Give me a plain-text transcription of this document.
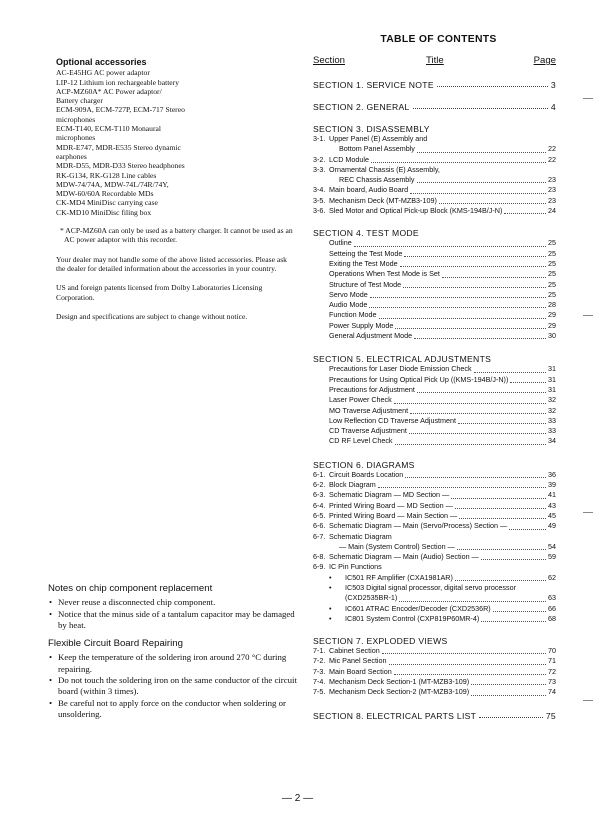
Optional accessories
AC-E45HG AC power adaptor
LIP-12 Lithium ion rechargeable battery
ACP-MZ60A* AC Power adaptor/
Battery charger
ECM-909A, ECM-727P, ECM-717 Stereo
microphones
ECM-T140, ECM-T110 Monaural
microphones
MDR-E747, MDR-E535 Stereo dynamic
earphones
MDR-D55, MDR-D33 Stereo headphones
RK-G134, RK-G128 Line cables
MDW-74/74A, MDW-74L/74R/74Y,
MDW-60/60A Recordable MDs
CK-MD4 MiniDisc carrying case
CK-MD10 MiniDisc filing box
* ACP-MZ60A can only be used as a battery charger. It cannot be used as an AC power adaptor with this recorder.
Your dealer may not handle some of the above listed accessories. Please ask the dealer for detailed information about the accessories in your country.
US and foreign patents licensed from Dolby Laboratories Licensing Corporation.
Design and specifications are subject to change without notice.
Notes on chip component replacement
• Never reuse a disconnected chip component.
• Notice that the minus side of a tantalum capacitor may be damaged by heat.
Flexible Circuit Board Repairing
• Keep the temperature of the soldering iron around 270 °C during repairing.
• Do not touch the soldering iron on the same conductor of the circuit board (within 3 times).
• Be careful not to apply force on the conductor when soldering or unsoldering.
TABLE OF CONTENTS
Section	Title	Page
SECTION 1. SERVICE NOTE	3
SECTION 2. GENERAL	4
SECTION 3. DISASSEMBLY
3-1. Upper Panel (E) Assembly and
Bottom Panel Assembly	22
3-2. LCD Module	22
3-3. Ornamental Chassis (E) Assembly,
REC Chassis Assembly	23
3-4. Main board, Audio Board	23
3-5. Mechanism Deck (MT-MZB3-109)	23
3-6. Sled Motor and Optical Pick-up Block (KMS-194B/J-N)	24
SECTION 4. TEST MODE
Outline	25
Setteing the Test Mode	25
Exiting the Test Mode	25
Operations When Test Mode is Set	25
Structure of Test Mode	25
Servo Mode	25
Audio Mode	28
Function Mode	29
Power Supply Mode	29
General Adjustment Mode	30
SECTION 5. ELECTRICAL ADJUSTMENTS
Precautions for Laser Diode Emission Check	31
Precautions for Using Optical Pick Up ((KMS-194B/J-N))	31
Precautions for Adjustment	31
Laser Power Check	32
MO Traverse Adjustment	32
Low Reflection CD Traverse Adjustment	33
CD Traverse Adjustment	33
CD RF Level Check	34
SECTION 6. DIAGRAMS
6-1. Circuit Boards Location	36
6-2. Block Diagram	39
6-3. Schematic Diagram — MD Section —	41
6-4. Printed Wiring Board — MD Section —	43
6-5. Printed Wiring Board — Main Section —	45
6-6. Schematic Diagram — Main (Servo/Process) Section —	49
6-7. Schematic Diagram
— Main (System Control) Section —	54
6-8. Schematic Diagram — Main (Audio) Section —	59
6-9. IC Pin Functions
•	IC501 RF Amplifier (CXA1981AR)	62
•	IC503 Digital signal processor, digital servo processor
(CXD2535BR-1)	63
•	IC601 ATRAC Encoder/Decoder (CXD2536R)	66
•	IC801 System Control (CXP819P60MR-4)	68
SECTION 7. EXPLODED VIEWS
7-1. Cabinet Section	70
7-2. Mic Panel Section	71
7-3. Main Board Section	72
7-4. Mechanism Deck Section-1 (MT-MZB3-109)	73
7-5. Mechanism Deck Section-2 (MT-MZB3-109)	74
SECTION 8. ELECTRICAL PARTS LIST	75
— 2 —
